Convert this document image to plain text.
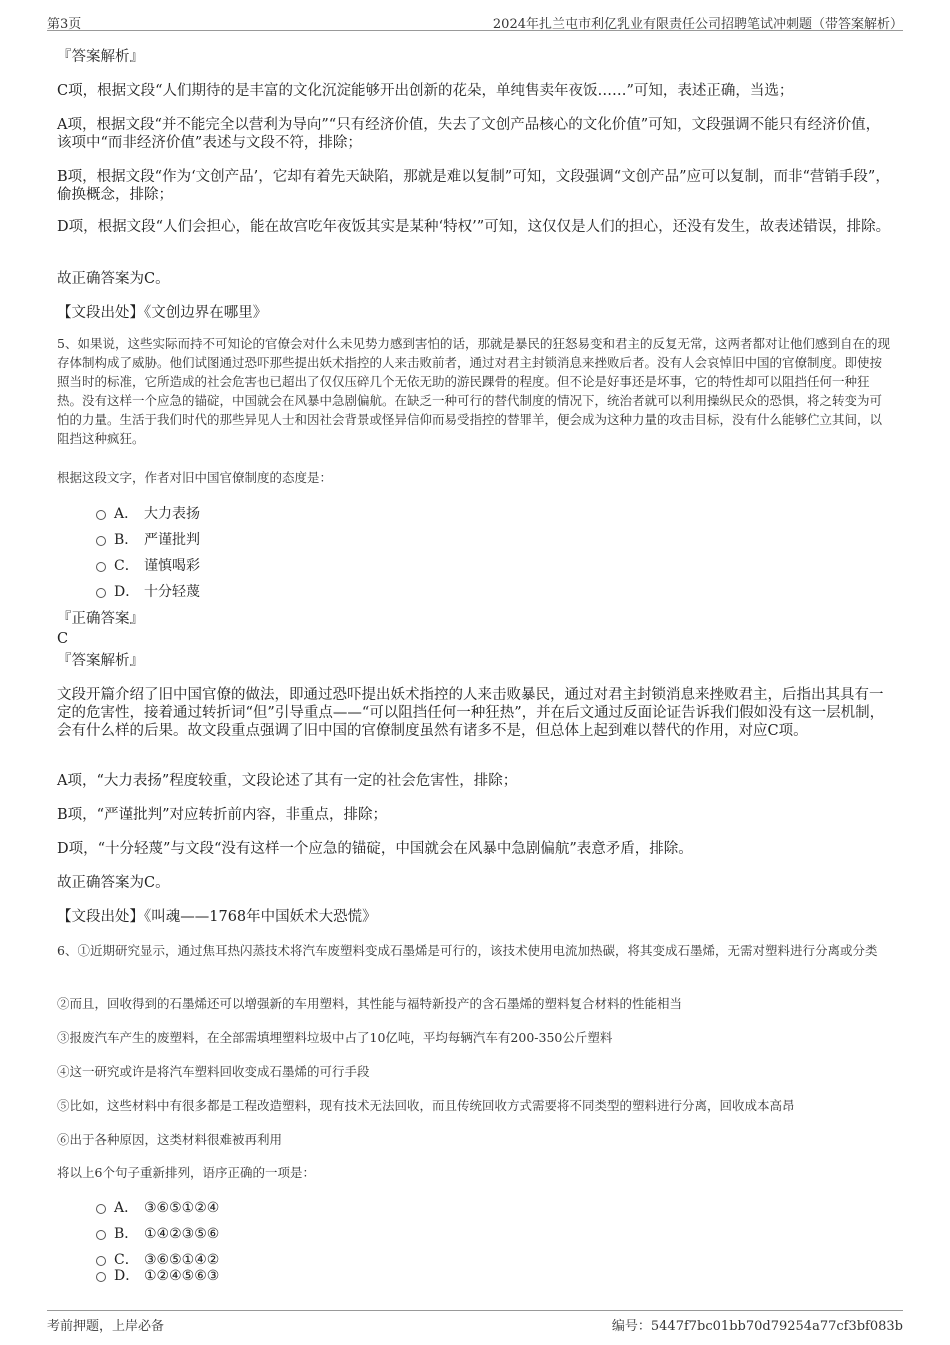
第3页	2024年扎兰屯市利亿乳业有限责任公司招聘笔试冲刺题（带答案解析）
『答案解析』
C项，根据文段“人们期待的是丰富的文化沉淀能够开出创新的花朵，单纯售卖年夜饭……”可知，表述正确，当选；
A项，根据文段“并不能完全以营利为导向”“只有经济价值，失去了文创产品核心的文化价值”可知，文段强调不能只有经济价值，该项中“而非经济价值”表述与文段不符，排除；
B项，根据文段“作为‘文创产品’，它却有着先天缺陷，那就是难以复制”可知，文段强调“文创产品”应可以复制，而非“营销手段”，偷换概念，排除；
D项，根据文段“人们会担心，能在故宫吃年夜饭其实是某种‘特权’”可知，这仅仅是人们的担心，还没有发生，故表述错误，排除。
故正确答案为C。
【文段出处】《文创边界在哪里》
5、如果说，这些实际而持不可知论的官僚会对什么未见势力感到害怕的话，那就是暴民的狂怒易变和君主的反复无常，这两者都对让他们感到自在的现存体制构成了威胁。他们试图通过恐吓那些提出妖术指控的人来击败前者，通过对君主封锁消息来挫败后者。没有人会哀悼旧中国的官僚制度。即使按照当时的标准，它所造成的社会危害也已超出了仅仅压碎几个无依无助的游民踝骨的程度。但不论是好事还是坏事，它的特性却可以阻挡任何一种狂热。没有这样一个应急的锚碇，中国就会在风暴中急剧偏航。在缺乏一种可行的替代制度的情况下，统治者就可以利用操纵民众的恐惧，将之转变为可怕的力量。生活于我们时代的那些异见人士和因社会背景或怪异信仰而易受指控的替罪羊，便会成为这种力量的攻击目标，没有什么能够伫立其间，以阻挡这种疯狂。
根据这段文字，作者对旧中国官僚制度的态度是：
A． 大力表扬
B． 严谨批判
C． 谨慎喝彩
D． 十分轻蔑
『正确答案』
C
『答案解析』
文段开篇介绍了旧中国官僚的做法，即通过恐吓提出妖术指控的人来击败暴民，通过对君主封锁消息来挫败君主，后指出其具有一定的危害性，接着通过转折词“但”引导重点——“可以阻挡任何一种狂热”，并在后文通过反面论证告诉我们假如没有这一层机制，会有什么样的后果。故文段重点强调了旧中国的官僚制度虽然有诸多不是，但总体上起到难以替代的作用，对应C项。
A项，“大力表扬”程度较重，文段论述了其有一定的社会危害性，排除；
B项，“严谨批判”对应转折前内容，非重点，排除；
D项，“十分轻蔑”与文段“没有这样一个应急的锚碇，中国就会在风暴中急剧偏航”表意矛盾，排除。
故正确答案为C。
【文段出处】《叫魂——1768年中国妖术大恐慌》
6、①近期研究显示，通过焦耳热闪蒸技术将汽车废塑料变成石墨烯是可行的，该技术使用电流加热碳，将其变成石墨烯，无需对塑料进行分离或分类
②而且，回收得到的石墨烯还可以增强新的车用塑料，其性能与福特新投产的含石墨烯的塑料复合材料的性能相当
③报废汽车产生的废塑料，在全部需填埋塑料垃圾中占了10亿吨，平均每辆汽车有200-350公斤塑料
④这一研究或许是将汽车塑料回收变成石墨烯的可行手段
⑤比如，这些材料中有很多都是工程改造塑料，现有技术无法回收，而且传统回收方式需要将不同类型的塑料进行分离，回收成本高昂
⑥出于各种原因，这类材料很难被再利用
将以上6个句子重新排列，语序正确的一项是：
A． ③⑥⑤①②④
B． ①④②③⑤⑥
C． ③⑥⑤①④②
D． ①②④⑤⑥③
考前押题，上岸必备	编号：5447f7bc01bb70d79254a77cf3bf083b
